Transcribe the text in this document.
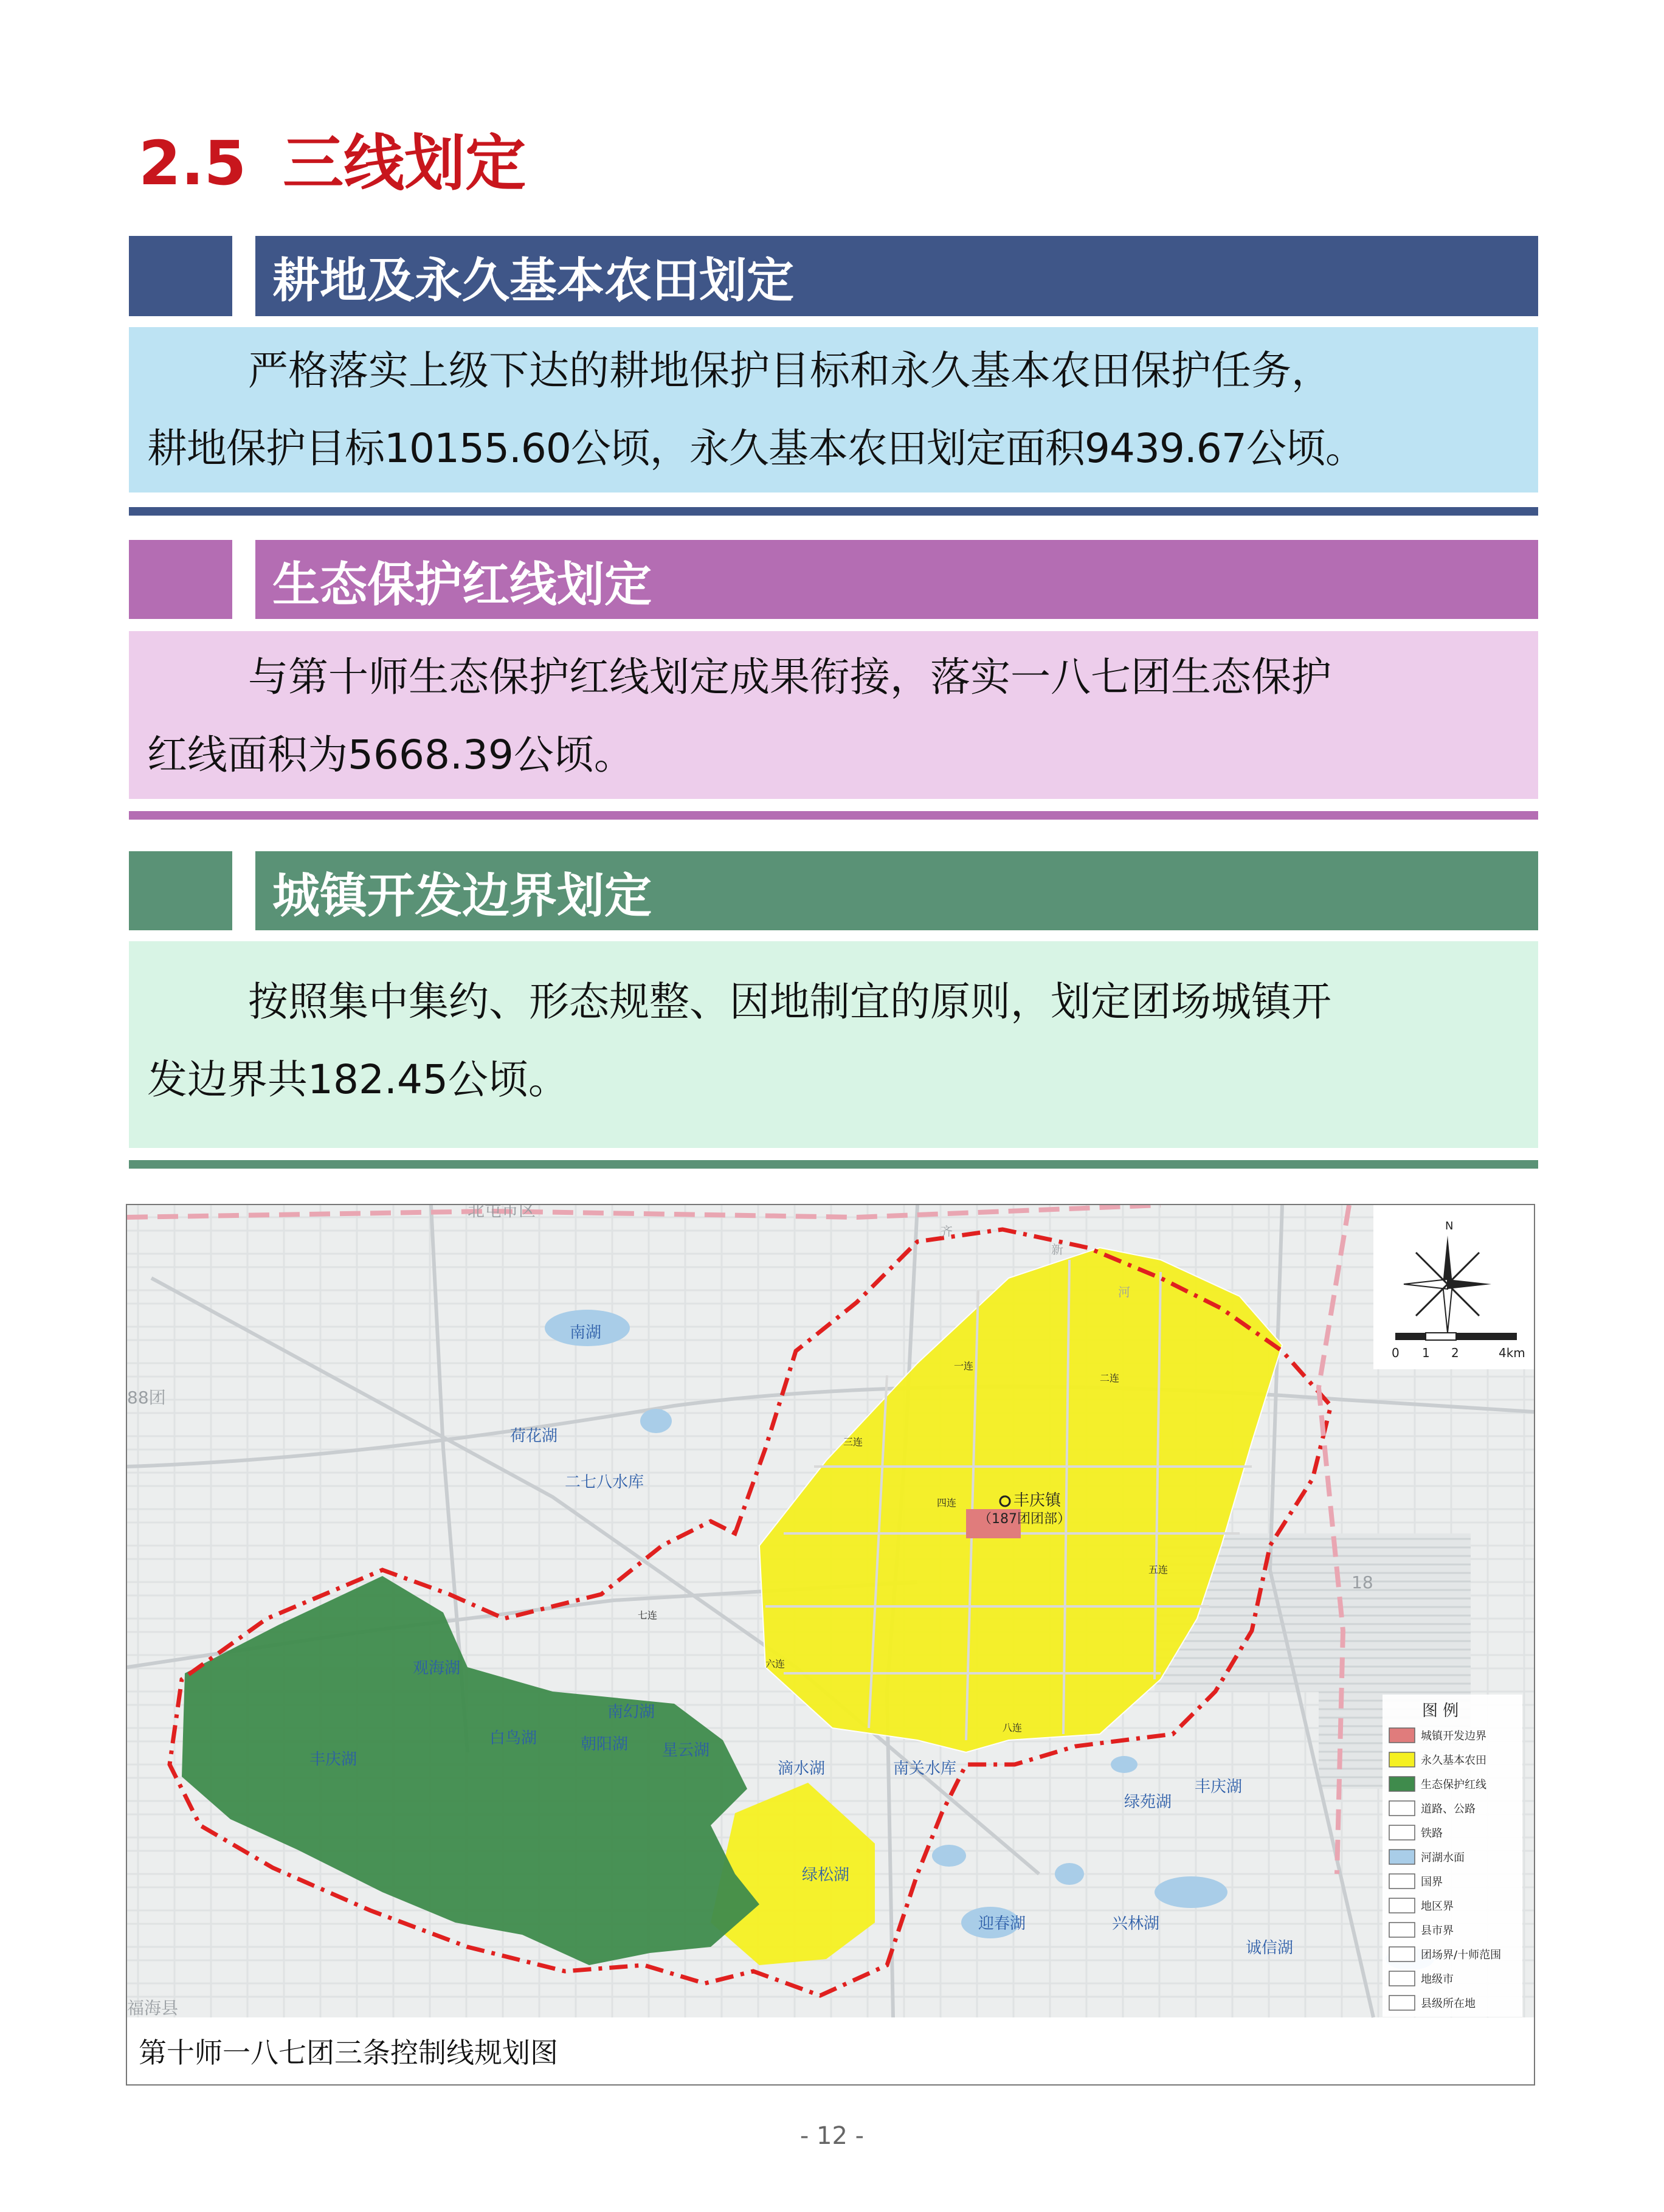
2.5 三线划定
耕地及永久基本农田划定

严格落实上级下达的耕地保护目标和永久基本农田保护任务，

耕地保护目标10155.60公顷，永久基本农田划定面积9439.67公顷。

生态保护红线划定

与第十师生态保护红线划定成果衔接，落实一八七团生态保护

红线面积为5668.39公顷。

城镇开发边界划定

按照集中集约、形态规整、因地制宜的原则，划定团场城镇开

发边界共182.45公顷。

南湖
荷花湖
二七八水库
观海湖
丰庆湖
白鸟湖
南幻湖
朝阳湖 星云湖
滴水湖	南关水库
绿松湖
迎春湖	兴林湖
绿苑湖
丰庆湖
诚信湖
一连
二连
三连
四连
五连
六连
七连
八连
丰庆镇
（187团团部）
北屯市区
88团
福海县
齐
新
河
18
N
0 1 2	4km
图 例
城镇开发边界
永久基本农田
生态保护红线
道路、公路
铁路
河湖水面
国界
地区界
县市界
团场界/十师范围
地级市
县级所在地
第十师一八七团三条控制线规划图
- 12 -
